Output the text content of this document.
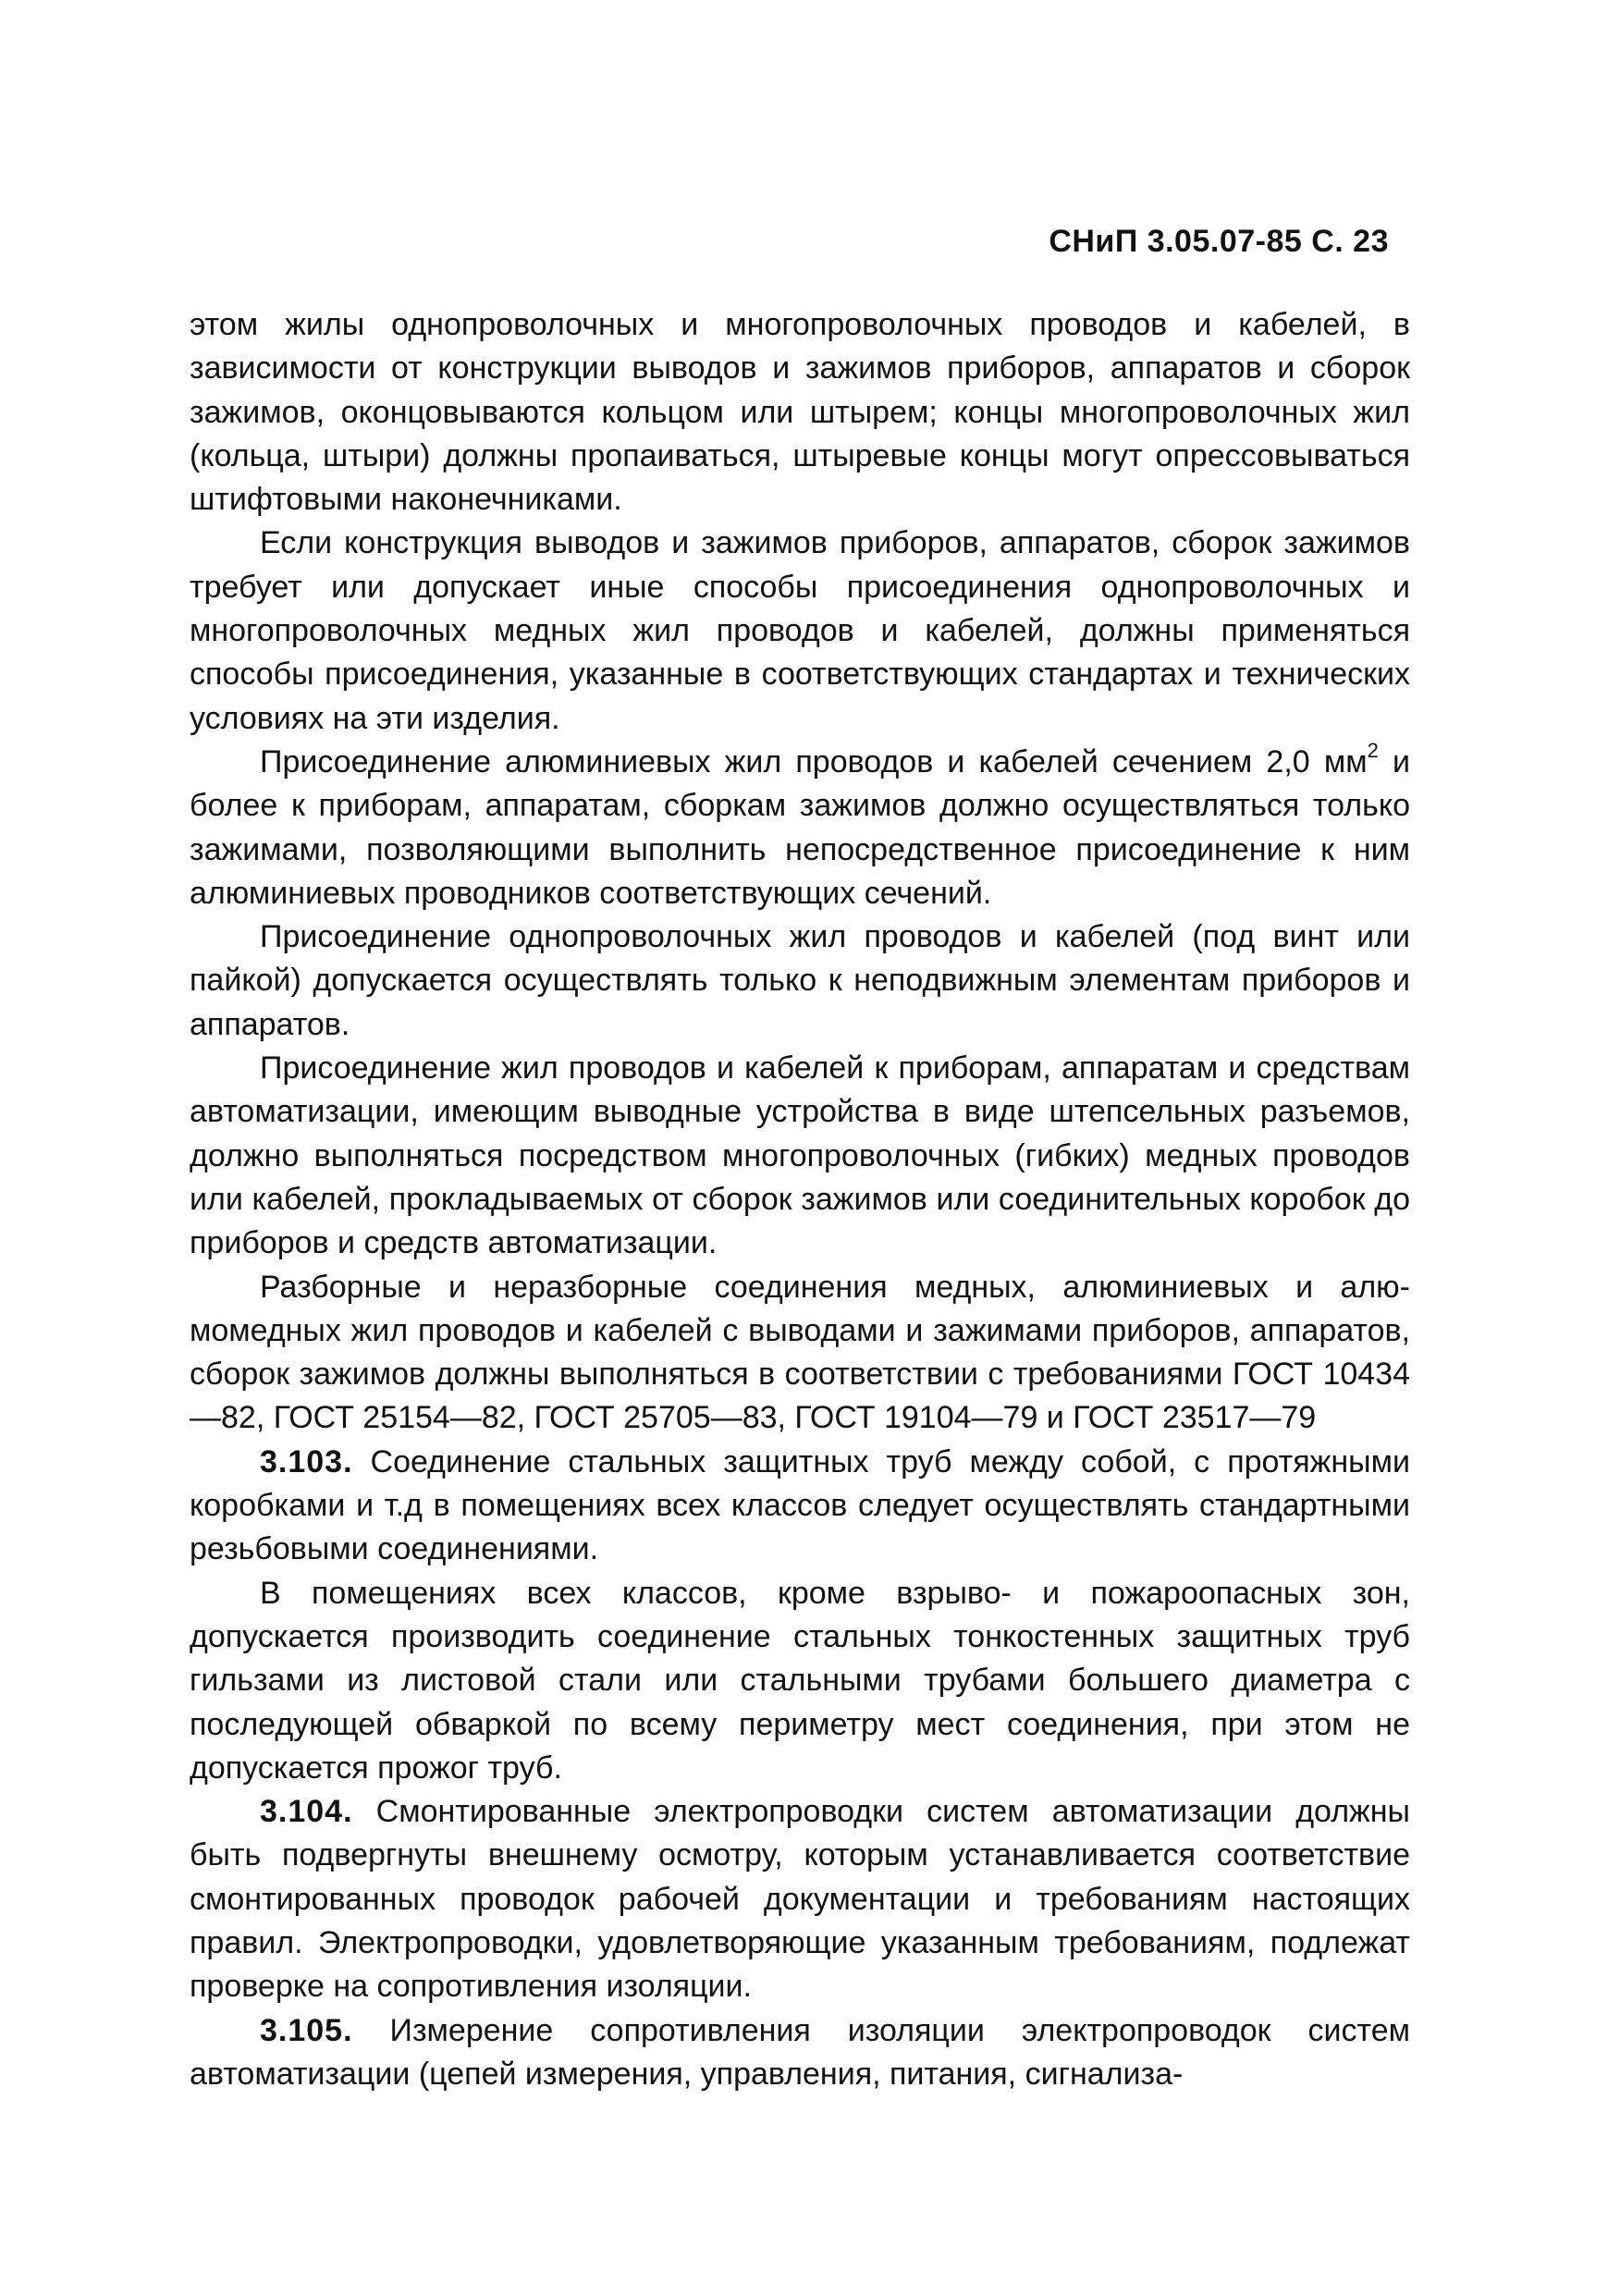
СНиП 3.05.07-85 С. 23

этом жилы однопроволочных и многопроволочных проводов и кабелей, в зависимости от конструкции выводов и зажимов приборов, аппаратов и сборок зажимов, оконцовываются кольцом или штырем; концы многопроволочных жил (кольца, штыри) должны пропаиваться, штыревые концы могут опрессовываться штифтовыми наконечниками.

Если конструкция выводов и зажимов приборов, аппаратов, сборок зажимов требует или допускает иные способы присоединения однопроволочных и многопроволочных медных жил проводов и кабелей, должны применяться способы присоединения, указанные в соответствующих стандартах и технических условиях на эти изделия.

Присоединение алюминиевых жил проводов и кабелей сечением 2,0 $мм^2$ и более к приборам, аппаратам, сборкам зажимов должно осуществляться только зажимами, позволяющими выполнить непосредственное присоединение к ним алюминиевых проводников соответствующих сечений.

Присоединение однопроволочных жил проводов и кабелей (под винт или пайкой) допускается осуществлять только к неподвижным элементам приборов и аппаратов.

Присоединение жил проводов и кабелей к приборам, аппаратам и средствам автоматизации, имеющим выводные устройства в виде штепсельных разъемов, должно выполняться посредством многопроволочных (гибких) медных проводов или кабелей, прокладываемых от сборок зажимов или соединительных коробок до приборов и средств автоматизации.

Разборные и неразборные соединения медных, алюминиевых и алюмомедных жил проводов и кабелей с выводами и зажимами приборов, аппаратов, сборок зажимов должны выполняться в соответствии с требованиями ГОСТ 10434—82, ГОСТ 25154—82, ГОСТ 25705—83, ГОСТ 19104—79 и ГОСТ 23517—79

3.103. Соединение стальных защитных труб между собой, с протяжными коробками и т.д в помещениях всех классов следует осуществлять стандартными резьбовыми соединениями.

В помещениях всех классов, кроме взрыво- и пожароопасных зон, допускается производить соединение стальных тонкостенных защитных труб гильзами из листовой стали или стальными трубами большeго диаметра с последующей обваркой по всему периметру мест соединения, при этом не допускается прожог труб.

3.104. Смонтированные электропроводки систем автоматизации должны быть подвергнуты внешнему осмотру, которым устанавливается соответствие смонтированных проводок рабочей документации и требованиям настоящих правил. Электропроводки, удовлетворяющие указанным требованиям, подлежат проверке на сопротивления изоляции.

3.105. Измерение сопротивления изоляции электропроводок систем автоматизации (цепей измерения, управления, питания, сигнализа-
